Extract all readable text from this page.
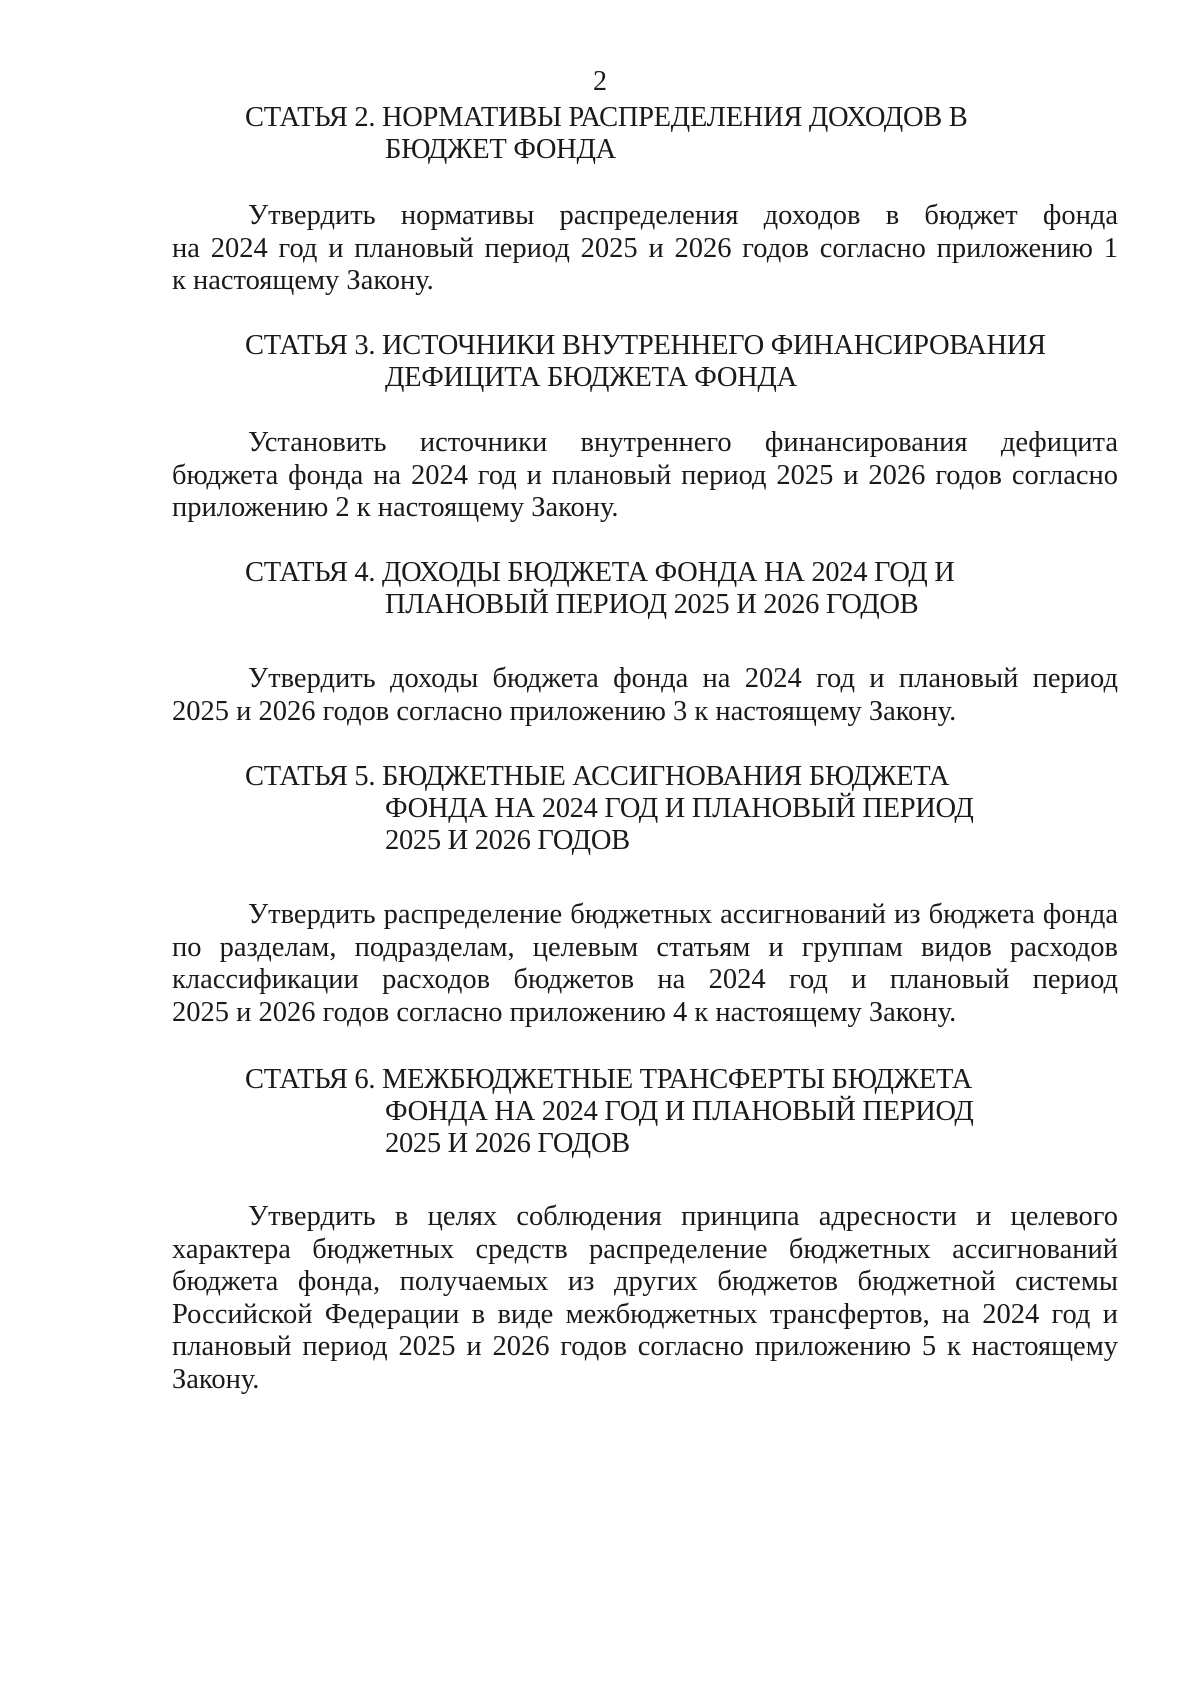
2
СТАТЬЯ 2. НОРМАТИВЫ РАСПРЕДЕЛЕНИЯ ДОХОДОВ В
БЮДЖЕТ ФОНДА
Утвердить нормативы распределения доходов в бюджет фонда
на 2024 год и плановый период 2025 и 2026 годов согласно приложению 1
к настоящему Закону.
СТАТЬЯ 3. ИСТОЧНИКИ ВНУТРЕННЕГО ФИНАНСИРОВАНИЯ
ДЕФИЦИТА БЮДЖЕТА ФОНДА
Установить источники внутреннего финансирования дефицита
бюджета фонда на 2024 год и плановый период 2025 и 2026 годов согласно
приложению 2 к настоящему Закону.
СТАТЬЯ 4. ДОХОДЫ БЮДЖЕТА ФОНДА НА 2024 ГОД И
ПЛАНОВЫЙ ПЕРИОД 2025 И 2026 ГОДОВ
Утвердить доходы бюджета фонда на 2024 год и плановый период
2025 и 2026 годов согласно приложению 3 к настоящему Закону.
СТАТЬЯ 5. БЮДЖЕТНЫЕ АССИГНОВАНИЯ БЮДЖЕТА
ФОНДА НА 2024 ГОД И ПЛАНОВЫЙ ПЕРИОД
2025 И 2026 ГОДОВ
Утвердить распределение бюджетных ассигнований из бюджета фонда
по разделам, подразделам, целевым статьям и группам видов расходов
классификации расходов бюджетов на 2024 год и плановый период
2025 и 2026 годов согласно приложению 4 к настоящему Закону.
СТАТЬЯ 6. МЕЖБЮДЖЕТНЫЕ ТРАНСФЕРТЫ БЮДЖЕТА
ФОНДА НА 2024 ГОД И ПЛАНОВЫЙ ПЕРИОД
2025 И 2026 ГОДОВ
Утвердить в целях соблюдения принципа адресности и целевого
характера бюджетных средств распределение бюджетных ассигнований
бюджета фонда, получаемых из других бюджетов бюджетной системы
Российской Федерации в виде межбюджетных трансфертов, на 2024 год и
плановый период 2025 и 2026 годов согласно приложению 5 к настоящему
Закону.
